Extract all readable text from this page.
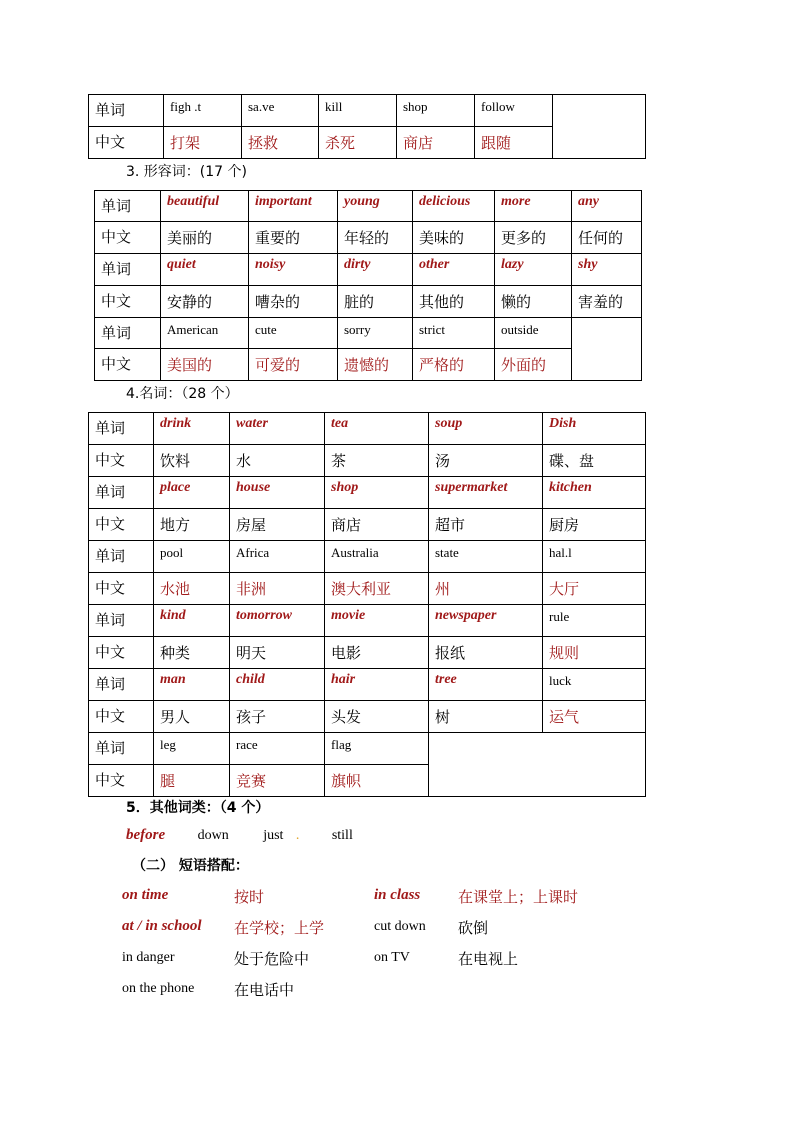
单词	figh .t	sa.ve	kill	shop	follow	
中文	打架	拯救	杀死	商店	跟随	
3. 形容词：(17 个)
单词	beautiful	important	young	delicious	more	any
中文	美丽的	重要的	年轻的	美味的	更多的	任何的
单词	quiet	noisy	dirty	other	lazy	shy
中文	安静的	嘈杂的	脏的	其他的	懒的	害羞的
单词	American	cute	sorry	strict	outside	
中文	美国的	可爱的	遗憾的	严格的	外面的	
4.名词：（28 个）
单词	drink	water	tea	soup	Dish
中文	饮料	水	茶	汤	碟、盘
单词	place	house	shop	supermarket	kitchen
中文	地方	房屋	商店	超市	厨房
单词	pool	Africa	Australia	state	hal.l
中文	水池	非洲	澳大利亚	州	大厅
单词	kind	tomorrow	movie	newspaper	rule
中文	种类	明天	电影	报纸	规则
单词	man	child	hair	tree	luck
中文	男人	孩子	头发	树	运气
单词	leg	race	flag		
中文	腿	竞赛	旗帜		
5．其他词类：（4 个）
before down just . still
（二） 短语搭配：
on time	按时	in class	在课堂上；上课时
at / in school 在学校；上学	cut down 砍倒
in danger	处于危险中	on TV	在电视上
on the phone	在电话中
